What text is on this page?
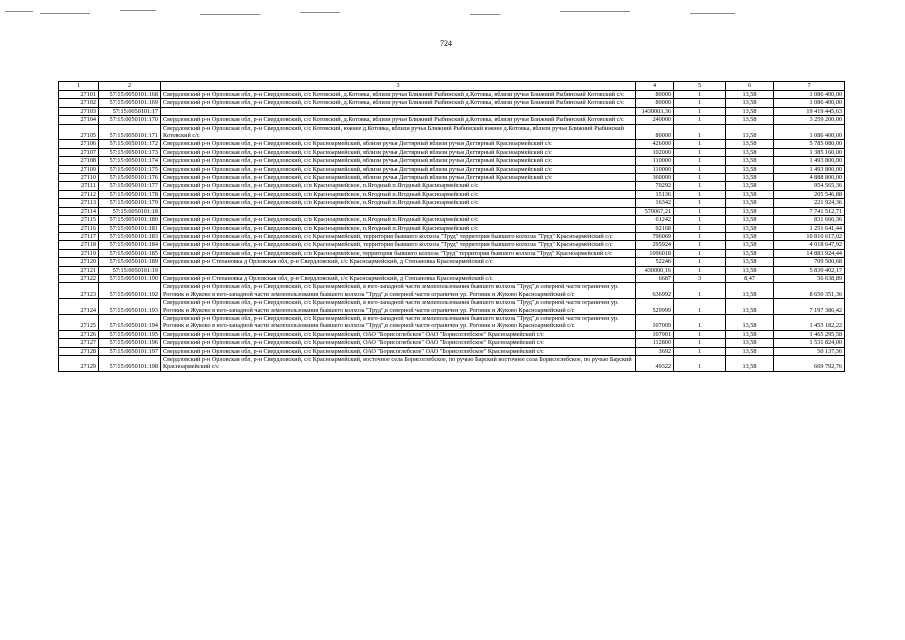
724
1	2	3	4	5	6	7
27101	57:15:0050101:168	Свердловский р-н Орловская обл, р-н Свердловский, с/с Котовский, д.Котовка, вблизи ручья Ближний Рыбинский д.Котовка, вблизи ручья Ближний Рыбинский Котовский с/с	80000	1	13,58	1 086 400,00
27102	57:15:0050101:169	Свердловский р-н Орловская обл, р-н Свердловский, с/с Котовский, д.Котовка, вблизи ручья Ближний Рыбинский д.Котовка, вблизи ручья Ближний Рыбинский Котовский с/с	80000	1	13,58	1 086 400,00
27103	57:15:0050101:17		1430003,36	1	13,58	19 419 445,63
27104	57:15:0050101:170	Свердловский р-н Орловская обл, р-н Свердловский, с/с Котовский, д.Котовка, вблизи ручья Ближний Рыбинский д.Котовка, вблизи ручья Ближний Рыбинский Котовский с/с	240000	1	13,58	3 259 200,00
27105	57:15:0050101:171	Свердловский р-н Орловская обл, р-н Свердловский, с/с Котовский, южнее д.Котовка, вблизи ручья Ближний Рыбинский южнее д.Котовка, вблизи ручья Ближний Рыбинский Котовский с/с	80000	1	13,58	1 086 400,00
27106	57:15:0050101:172	Свердловский р-н Орловская обл, р-н Свердловский, с/с Красноармейский, вблизи ручья Дегтярный вблизи ручья Дегтярный Красноармейский с/с	426000	1	13,58	5 785 080,00
27107	57:15:0050101:173	Свердловский р-н Орловская обл, р-н Свердловский, с/с Красноармейский, вблизи ручья Дегтярный вблизи ручья Дегтярный Красноармейский с/с	102000	1	13,58	1 385 160,00
27108	57:15:0050101:174	Свердловский р-н Орловская обл, р-н Свердловский, с/с Красноармейский, вблизи ручья Дегтярный вблизи ручья Дегтярный Красноармейский с/с	110000	1	13,58	1 493 800,00
27109	57:15:0050101:175	Свердловский р-н Орловская обл, р-н Свердловский, с/с Красноармейский, вблизи ручья Дегтярный вблизи ручья Дегтярный Красноармейский с/с	110000	1	13,58	1 493 800,00
27110	57:15:0050101:176	Свердловский р-н Орловская обл, р-н Свердловский, с/с Красноармейский, вблизи ручья Дегтярный вблизи ручья Дегтярный Красноармейский с/с	360000	1	13,58	4 888 800,00
27111	57:15:0050101:177	Свердловский р-н Орловская обл, р-н Свердловский, с/п Красноармейское, п.Ягодный п.Ягодный Красноармейский с/с	70292	1	13,58	954 565,36
27112	57:15:0050101:178	Свердловский р-н Орловская обл, р-н Свердловский, с/п Красноармейское, п.Ягодный п.Ягодный Красноармейский с/с	15136	1	13,58	205 546,88
27113	57:15:0050101:179	Свердловский р-н Орловская обл, р-н Свердловский, с/п Красноармейское, п.Ягодный п.Ягодный Красноармейский с/с	16342	1	13,58	221 924,36
27114	57:15:0050101:18		570067,21	1	13,58	7 741 512,71
27115	57:15:0050101:180	Свердловский р-н Орловская обл, р-н Свердловский, с/п Красноармейское, п.Ягодный п.Ягодный Красноармейский с/с	61242	1	13,58	831 666,36
27116	57:15:0050101:181	Свердловский р-н Орловская обл, р-н Свердловский, с/п Красноармейское, п.Ягодный п.Ягодный Красноармейский с/с	92168	1	13,58	1 251 641,44
27117	57:15:0050101:183	Свердловский р-н Орловская обл, р-н Свердловский, с/с Красноармейский, территория бывшего колхоза "Труд" территория бывшего колхоза "Труд" Красноармейский с/с	796069	1	13,58	10 810 617,02
27118	57:15:0050101:184	Свердловский р-н Орловская обл, р-н Свердловский, с/с Красноармейский, территория бывшего колхоза "Труд" территория бывшего колхоза "Труд" Красноармейский с/с	295924	1	13,58	4 018 647,92
27119	57:15:0050101:185	Свердловский р-н Орловская обл, р-н Свердловский, с/п Красноармейское, территория бывшего колхоза "Труд" территория бывшего колхоза "Труд" Красноармейский с/с	1096018	1	13,58	14 883 924,44
27120	57:15:0050101:189	Свердловский р-н Степановка д Орловская обл, р-н Свердловский, с/с Красноармейский, д Степановка Красноармейский с/с	52246	1	13,58	709 500,68
27121	57:15:0050101:19		430000,16	1	13,58	5 839 402,17
27122	57:15:0050101:190	Свердловский р-н Степановка д Орловская обл, р-н Свердловский, с/с Красноармейский, д Степановка Красноармейский с/с	6687	3	8,47	56 638,89
27123	57:15:0050101:192	Свердловский р-н Орловская обл, р-н Свердловский, с/с Красноармейский, в юго-западной части землепользования бывшего колхоза "Труд",в северной части ограничен ур. Роговик и Жуково в юго-западной части землепользования бывшего колхоза "Труд",в северной части ограничен ур. Роговик и Жуково Красноармейский с/с	636992	1	13,58	8 650 351,36
27124	57:15:0050101:193	Свердловский р-н Орловская обл, р-н Свердловский, с/с Красноармейский, в юго-западной части землепользования бывшего колхоза "Труд",в северной части ограничен ур. Роговик и Жуково в юго-западной части землепользования бывшего колхоза "Труд",в северной части ограничен ур. Роговик и Жуково Красноармейский с/с	529999	1	13,58	7 197 386,42
27125	57:15:0050101:194	Свердловский р-н Орловская обл, р-н Свердловский, с/с Красноармейский, в юго-западной части землепользования бывшего колхоза "Труд",в северной части ограничен ур. Роговик и Жуково в юго-западной части землепользования бывшего колхоза "Труд",в северной части ограничен ур. Роговик и Жуково Красноармейский с/с	107009	1	13,58	1 453 182,22
27126	57:15:0050101:195	Свердловский р-н Орловская обл, р-н Свердловский, с/с Красноармейский, ОАО "Борисоглебское" ОАО "Борисоглебское" Красноармейский с/с	107901	1	13,58	1 465 295,58
27127	57:15:0050101:196	Свердловский р-н Орловская обл, р-н Свердловский, с/с Красноармейский, ОАО "Борисоглебское" ОАО "Борисоглебское" Красноармейский с/с	112800	1	13,58	1 531 824,00
27128	57:15:0050101:197	Свердловский р-н Орловская обл, р-н Свердловский, с/с Красноармейский, ОАО "Борисоглебское" ОАО "Борисоглебское" Красноармейский с/с	3692	1	13,58	50 137,36
27129	57:15:0050101:198	Свердловский р-н Орловская обл, р-н Свердловский, с/с Красноармейский, восточное села Борисоглебское, по ручью Барский восточнее села Борисоглебское, по ручью Барский Красноармейский с/с	49322	1	13,58	669 792,76
